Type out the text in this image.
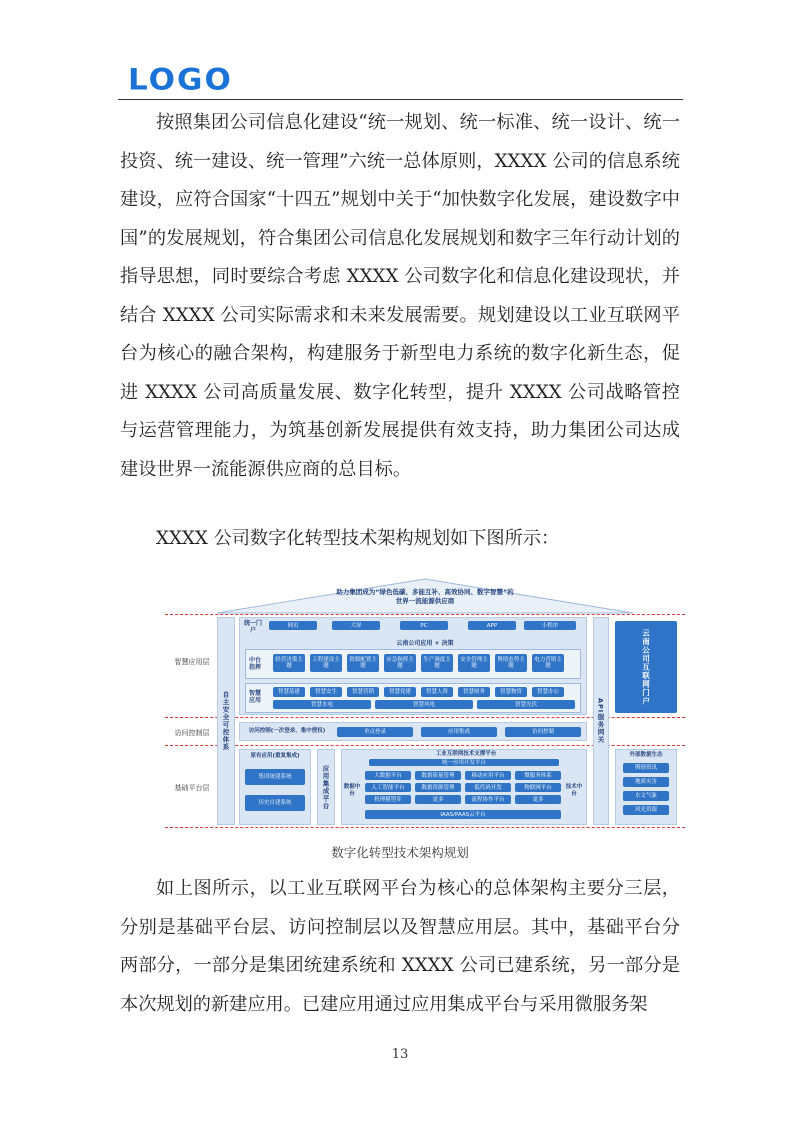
LOGO

按照集团公司信息化建设“统一规划、统一标准、统一设计、统一投资、统一建设、统一管理”六统一总体原则，XXXX 公司的信息系统建设，应符合国家“十四五”规划中关于“加快数字化发展，建设数字中国”的发展规划，符合集团公司信息化发展规划和数字三年行动计划的指导思想，同时要综合考虑 XXXX 公司数字化和信息化建设现状，并结合 XXXX 公司实际需求和未来发展需要。规划建设以工业互联网平台为核心的融合架构，构建服务于新型电力系统的数字化新生态，促进 XXXX 公司高质量发展、数字化转型，提升 XXXX 公司战略管控与运营管理能力，为筑基创新发展提供有效支持，助力集团公司达成建设世界一流能源供应商的总目标。

XXXX 公司数字化转型技术架构规划如下图所示：

助力集团成为“绿色低碳、多能互补、高效协同、数字智慧”的
世界一流能源供应商
智慧应用层
访问控制层
基础平台层
自主安全可控体系
统一门户
网页	大屏	PC	APP	小程序
云南公司应用 + 决策
中台指挥
经营决策主题
工程建设主题
资源配置主题
应急指挥主题
生产调度主题
安全管理主题
舆情态势主题
电力营销主题
智慧应用
智慧基建	智慧安生	智慧营销	智慧党建	智慧人资	智慧财务	智慧物资	智慧办公
智慧水电	智慧风电	智慧光伏
访问控制(一次登录、集中授权)	单点登录	应用集成	访问控制
原有应用(重复集成)
集团统建系统
历史自建系统	应用集成平台
工业互联网技术支撑平台
统一应用开发平台
数据中台
技术中台
大数据平台	数据质量管理	移动应用平台	微服务体系
人工智能平台	数据资源管理	低代码开发	物联网平台
机理模型库	更多	流程协作平台	更多
IAAS/PAAS云平台
API服务网关
云南公司互联网门户
外部数据生态
舆情资讯
地质灾害
水文气象
风光资源
数字化转型技术架构规划

如上图所示，以工业互联网平台为核心的总体架构主要分三层，分别是基础平台层、访问控制层以及智慧应用层。其中，基础平台分两部分，一部分是集团统建系统和 XXXX 公司已建系统，另一部分是本次规划的新建应用。已建应用通过应用集成平台与采用微服务架

13
